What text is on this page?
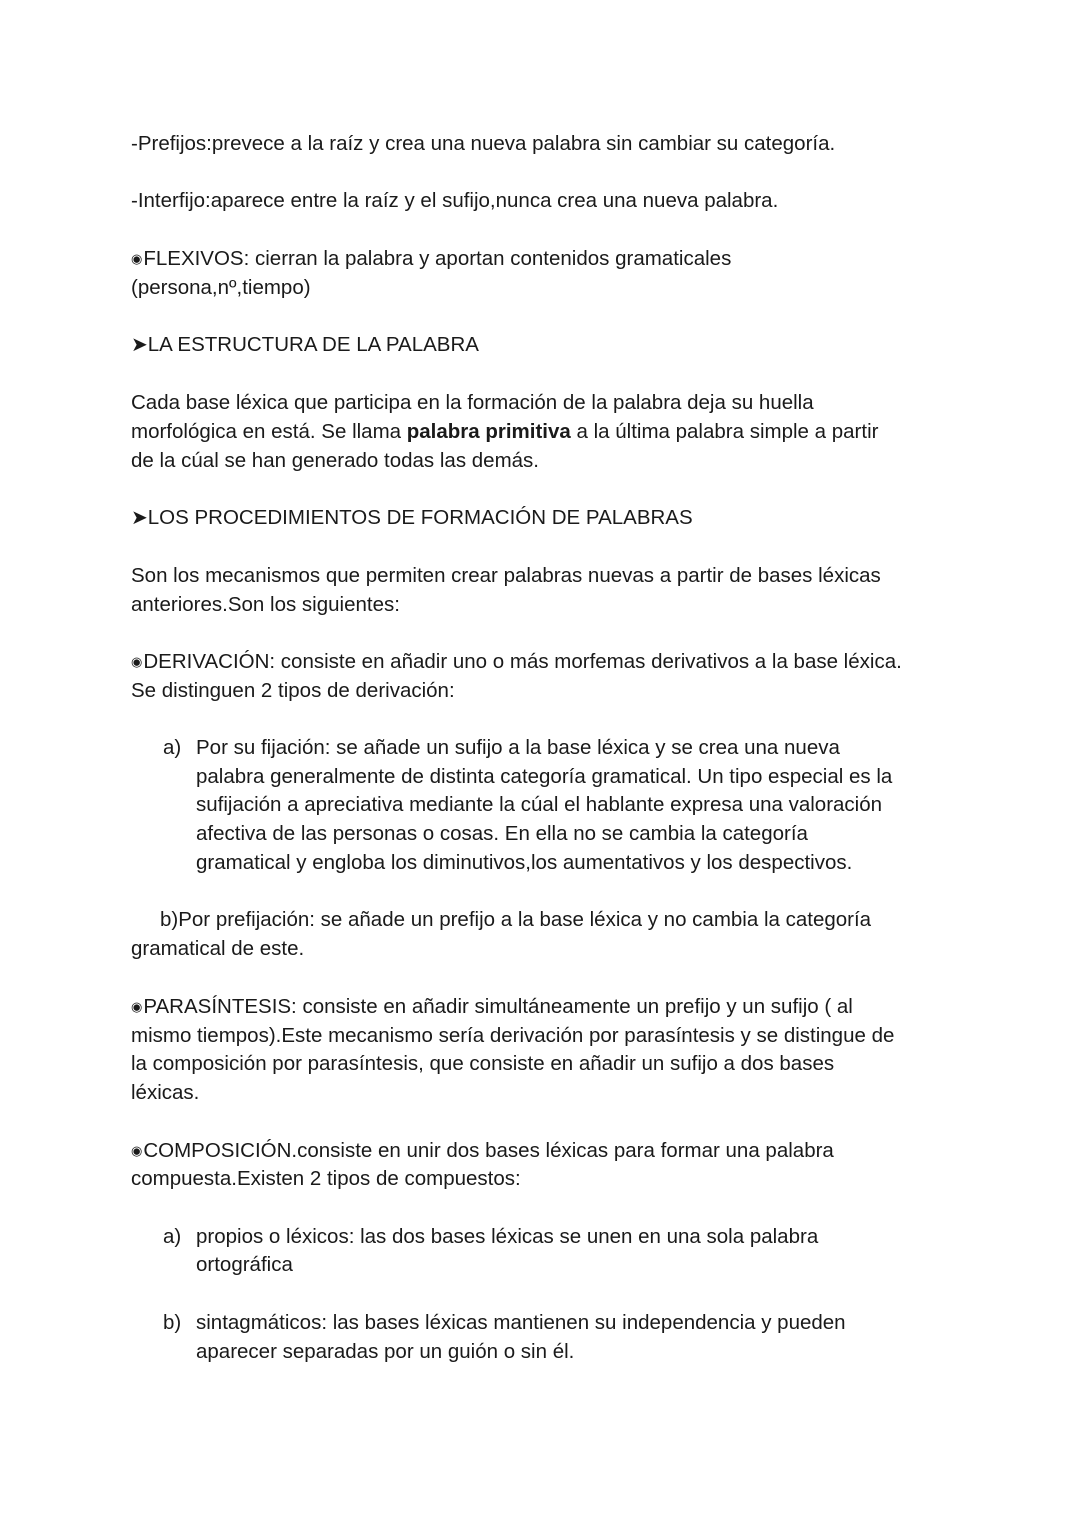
-Prefijos:prevece a la raíz y crea una nueva palabra sin cambiar su categoría.
-Interfijo:aparece entre la raíz y el sufijo,nunca crea una nueva palabra.
◉FLEXIVOS: cierran la palabra y aportan contenidos gramaticales
(persona,nº,tiempo)
➤LA ESTRUCTURA DE LA PALABRA
Cada base léxica que participa en la formación de la palabra deja su huella
morfológica en está. Se llama palabra primitiva a la última palabra simple a partir
de la cúal se han generado todas las demás.
➤LOS PROCEDIMIENTOS DE FORMACIÓN DE PALABRAS
Son los mecanismos que permiten crear palabras nuevas a partir de bases léxicas
anteriores.Son los siguientes:
◉DERIVACIÓN: consiste en añadir uno o más morfemas derivativos a la base léxica.
Se distinguen 2 tipos de derivación:
a) Por su fijación: se añade un sufijo a la base léxica y se crea una nueva
palabra generalmente de distinta categoría gramatical. Un tipo especial es la
sufijación a apreciativa mediante la cúal el hablante expresa una valoración
afectiva de las personas o cosas. En ella no se cambia la categoría
gramatical y engloba los diminutivos,los aumentativos y los despectivos.
b)Por prefijación: se añade un prefijo a la base léxica y no cambia la categoría
gramatical de este.
◉PARASÍNTESIS: consiste en añadir simultáneamente un prefijo y un sufijo ( al
mismo tiempos).Este mecanismo sería derivación por parasíntesis y se distingue de
la composición por parasíntesis, que consiste en añadir un sufijo a dos bases
léxicas.
◉COMPOSICIÓN.consiste en unir dos bases léxicas para formar una palabra
compuesta.Existen 2 tipos de compuestos:
a) propios o léxicos: las dos bases léxicas se unen en una sola palabra
ortográfica
b) sintagmáticos: las bases léxicas mantienen su independencia y pueden
aparecer separadas por un guión o sin él.
